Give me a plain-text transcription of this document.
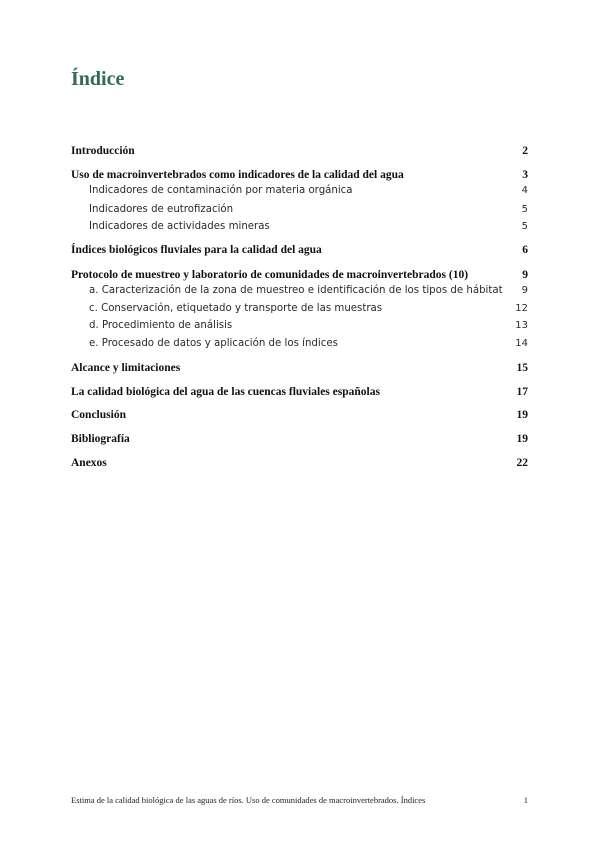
Índice
Introducción	2
Uso de macroinvertebrados como indicadores de la calidad del agua	3
Indicadores de contaminación por materia orgánica	4
Indicadores de eutrofización	5
Indicadores de actividades mineras	5
Índices biológicos fluviales para la calidad del agua	6
Protocolo de muestreo y laboratorio de comunidades de macroinvertebrados (10)	9
a. Caracterización de la zona de muestreo e identificación de los tipos de hábitat 9
c. Conservación, etiquetado y transporte de las muestras	12
d. Procedimiento de análisis	13
e. Procesado de datos y aplicación de los índices	14
Alcance y limitaciones	15
La calidad biológica del agua de las cuencas fluviales españolas	17
Conclusión	19
Bibliografía	19
Anexos	22
Estima de la calidad biológica de las aguas de ríos. Uso de comunidades de macroinvertebrados. Índices	1
